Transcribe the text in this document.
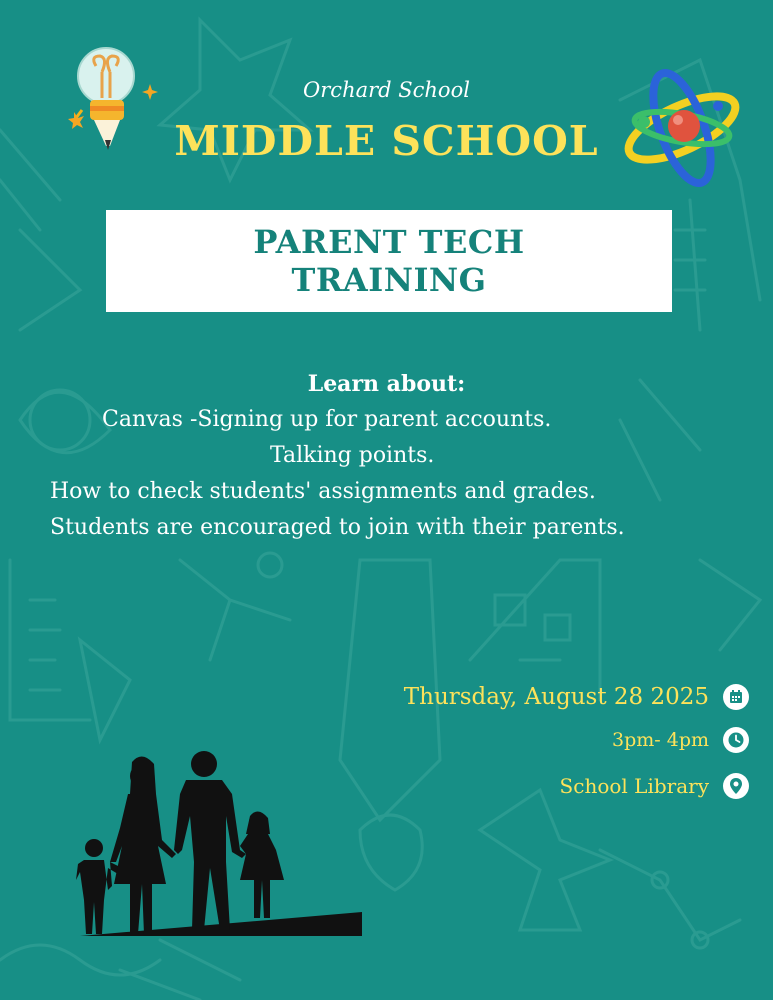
Orchard School
MIDDLE SCHOOL
PARENT TECH
TRAINING
Learn about:
Canvas -Signing up for parent accounts.
Talking points.
How to check students' assignments and grades.
Students are encouraged to join with their parents.
Thursday, August 28 2025
3pm- 4pm
School Library
